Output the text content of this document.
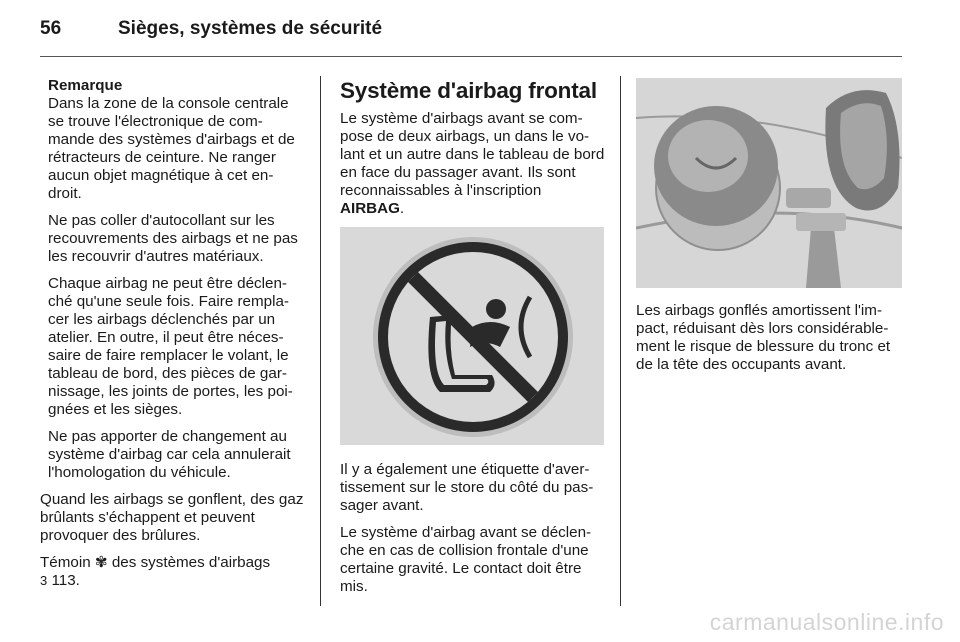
56	Sièges, systèmes de sécurité
Remarque

Dans la zone de la console centrale se trouve l'électronique de com-mande des systèmes d'airbags et de rétracteurs de ceinture. Ne ranger aucun objet magnétique à cet en-droit.

Ne pas coller d'autocollant sur les recouvrements des airbags et ne pas les recouvrir d'autres matériaux.

Chaque airbag ne peut être déclen-ché qu'une seule fois. Faire rempla-cer les airbags déclenchés par un atelier. En outre, il peut être néces-saire de faire remplacer le volant, le tableau de bord, des pièces de gar-nissage, les joints de portes, les poi-gnées et les sièges.

Ne pas apporter de changement au système d'airbag car cela annulerait l'homologation du véhicule.

Quand les airbags se gonflent, des gaz brûlants s'échappent et peuvent provoquer des brûlures.

Témoin ✾ des systèmes d'airbags
3 113.

Système d'airbag frontal

Le système d'airbags avant se com-pose de deux airbags, un dans le vo-lant et un autre dans le tableau de bord en face du passager avant. Ils sont reconnaissables à l'inscription
AIRBAG.

Il y a également une étiquette d'aver-tissement sur le store du côté du pas-sager avant.

Le système d'airbag avant se déclen-che en cas de collision frontale d'une certaine gravité. Le contact doit être mis.

Les airbags gonflés amortissent l'im-pact, réduisant dès lors considérable-ment le risque de blessure du tronc et de la tête des occupants avant.

carmanualsonline.info
